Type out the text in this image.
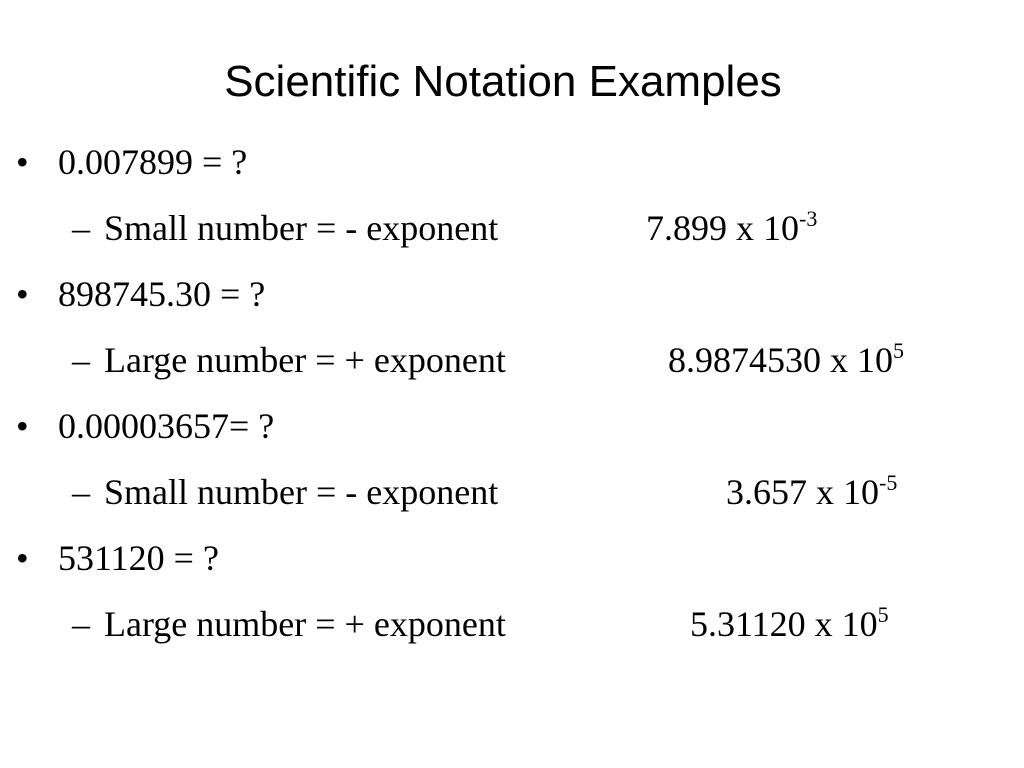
Scientific Notation Examples
• 0.007899 = ?
– Small number = - exponent	7.899 x $10^{-3}$
• 898745.30 = ?
– Large number = + exponent	8.9874530 x $10^5$
• 0.00003657= ?
– Small number = - exponent	3.657 x $10^{-5}$
• 531120 = ?
– Large number = + exponent	5.31120 x $10^5$
